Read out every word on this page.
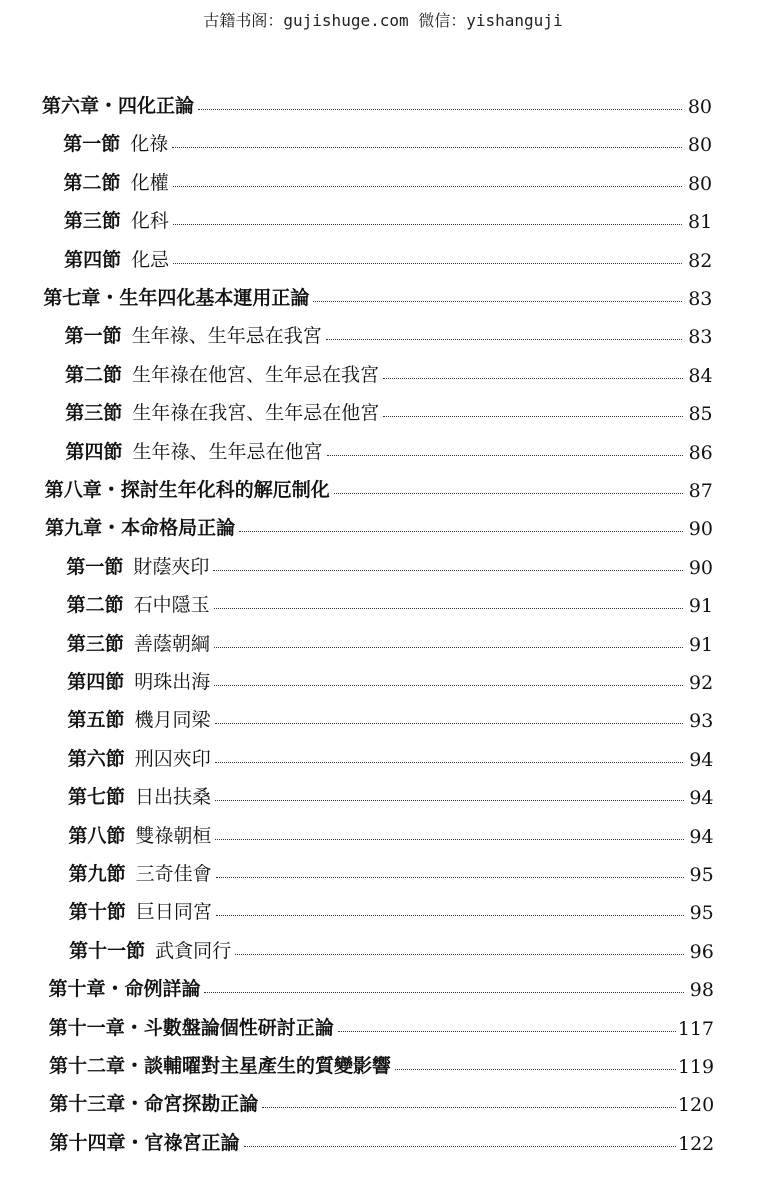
古籍书阁：gujishuge.com 微信：yishanguji
第六章・四化正論	80
第一節 化祿	80
第二節 化權	80
第三節 化科	81
第四節 化忌	82
第七章・生年四化基本運用正論	83
第一節 生年祿、生年忌在我宮	83
第二節 生年祿在他宮、生年忌在我宮	84
第三節 生年祿在我宮、生年忌在他宮	85
第四節 生年祿、生年忌在他宮	86
第八章・探討生年化科的解厄制化	87
第九章・本命格局正論	90
第一節 財蔭夾印	90
第二節 石中隱玉	91
第三節 善蔭朝綱	91
第四節 明珠出海	92
第五節 機月同梁	93
第六節 刑囚夾印	94
第七節 日出扶桑	94
第八節 雙祿朝桓	94
第九節 三奇佳會	95
第十節 巨日同宮	95
第十一節 武貪同行	96
第十章・命例詳論	98
第十一章・斗數盤論個性研討正論	117
第十二章・談輔曜對主星產生的質變影響	119
第十三章・命宮探勘正論	120
第十四章・官祿宮正論	122
